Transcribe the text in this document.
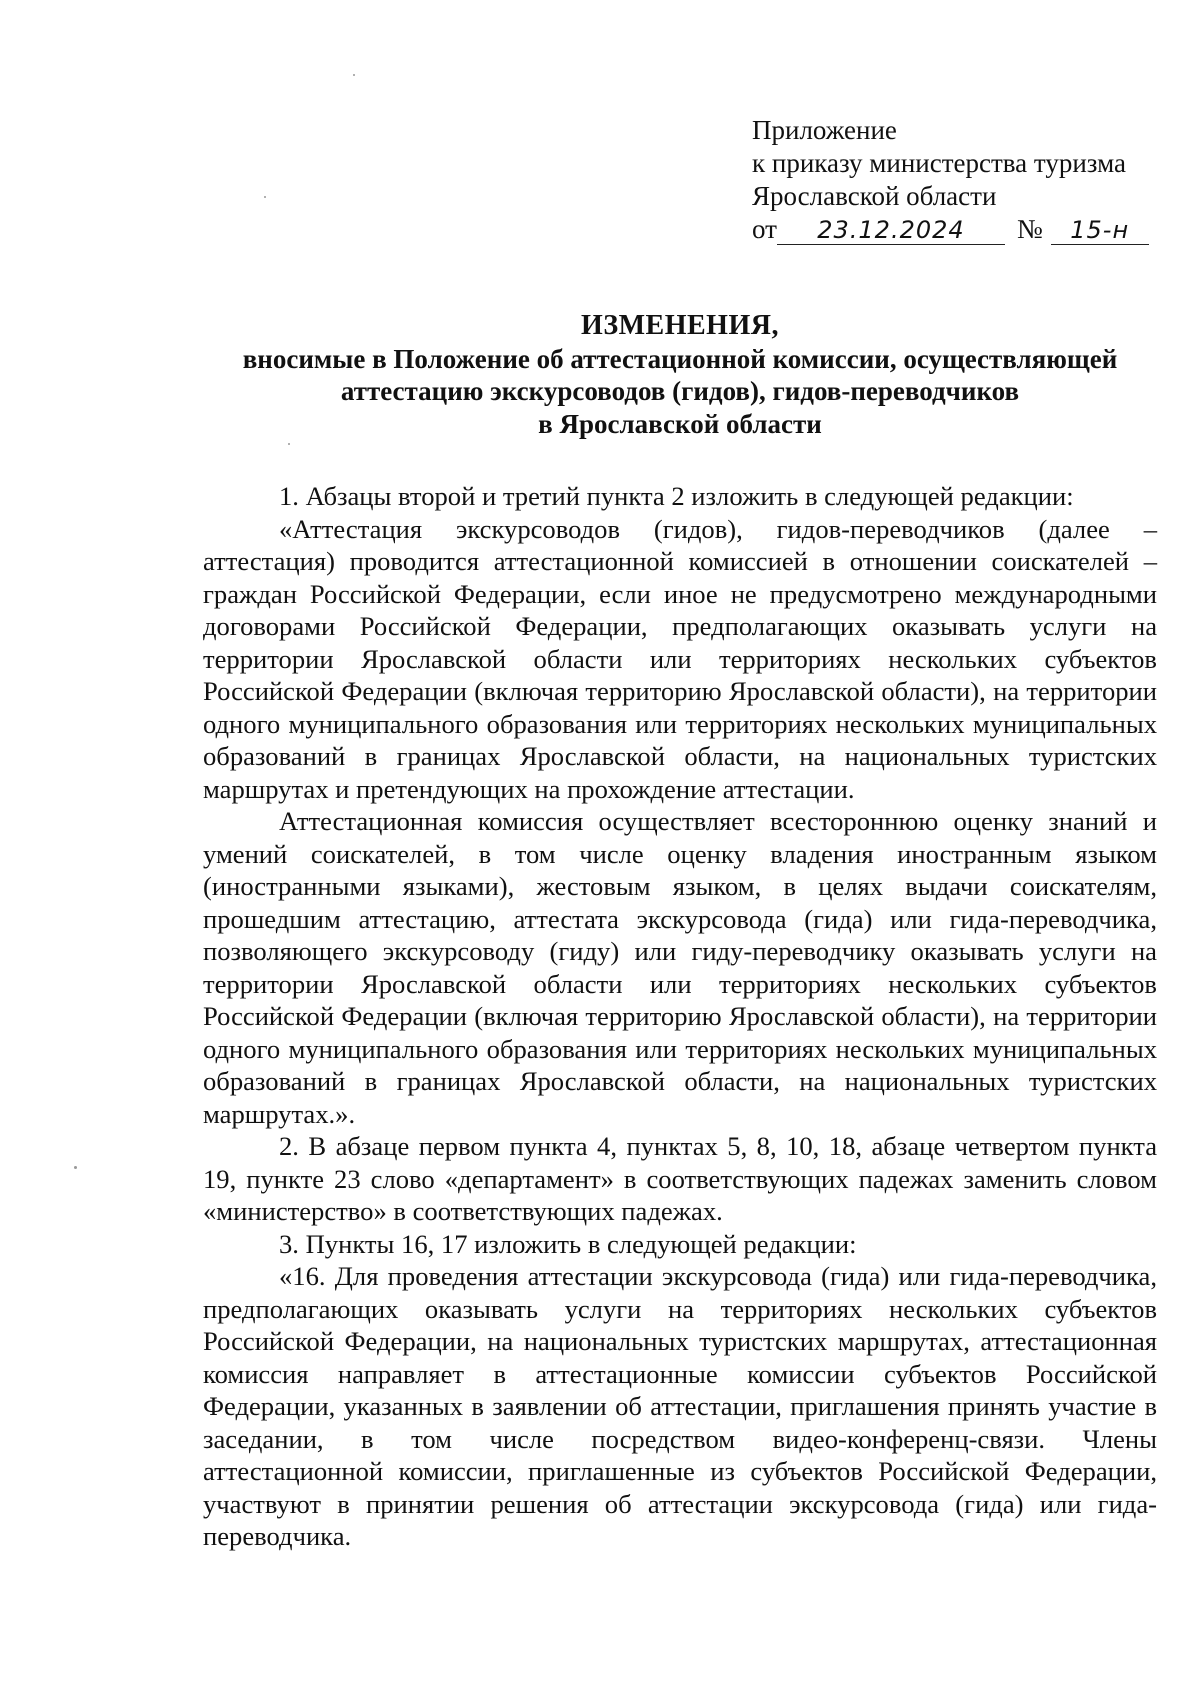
Приложение
к приказу министерства туризма
Ярославской области
от 23.12.2024 № 15-н
ИЗМЕНЕНИЯ,
вносимые в Положение об аттестационной комиссии, осуществляющей
аттестацию экскурсоводов (гидов), гидов-переводчиков
в Ярославской области

1. Абзацы второй и третий пункта 2 изложить в следующей редакции:

«Аттестация экскурсоводов (гидов), гидов-переводчиков (далее – аттестация) проводится аттестационной комиссией в отношении соискателей – граждан Российской Федерации, если иное не предусмотрено международными договорами Российской Федерации, предполагающих оказывать услуги на территории Ярославской области или территориях нескольких субъектов Российской Федерации (включая территорию Ярославской области), на территории одного муниципального образования или территориях нескольких муниципальных образований в границах Ярославской области, на национальных туристских маршрутах и претендующих на прохождение аттестации.

Аттестационная комиссия осуществляет всестороннюю оценку знаний и умений соискателей, в том числе оценку владения иностранным языком (иностранными языками), жестовым языком, в целях выдачи соискателям, прошедшим аттестацию, аттестата экскурсовода (гида) или гида-переводчика, позволяющего экскурсоводу (гиду) или гиду-переводчику оказывать услуги на территории Ярославской области или территориях нескольких субъектов Российской Федерации (включая территорию Ярославской области), на территории одного муниципального образования или территориях нескольких муниципальных образований в границах Ярославской области, на национальных туристских маршрутах.».

2. В абзаце первом пункта 4, пунктах 5, 8, 10, 18, абзаце четвертом пункта 19, пункте 23 слово «департамент» в соответствующих падежах заменить словом «министерство» в соответствующих падежах.

3. Пункты 16, 17 изложить в следующей редакции:

«16. Для проведения аттестации экскурсовода (гида) или гида-переводчика, предполагающих оказывать услуги на территориях нескольких субъектов Российской Федерации, на национальных туристских маршрутах, аттестационная комиссия направляет в аттестационные комиссии субъектов Российской Федерации, указанных в заявлении об аттестации, приглашения принять участие в заседании, в том числе посредством видео-конференц-связи. Члены аттестационной комиссии, приглашенные из субъектов Российской Федерации, участвуют в принятии решения об аттестации экскурсовода (гида) или гида-переводчика.
